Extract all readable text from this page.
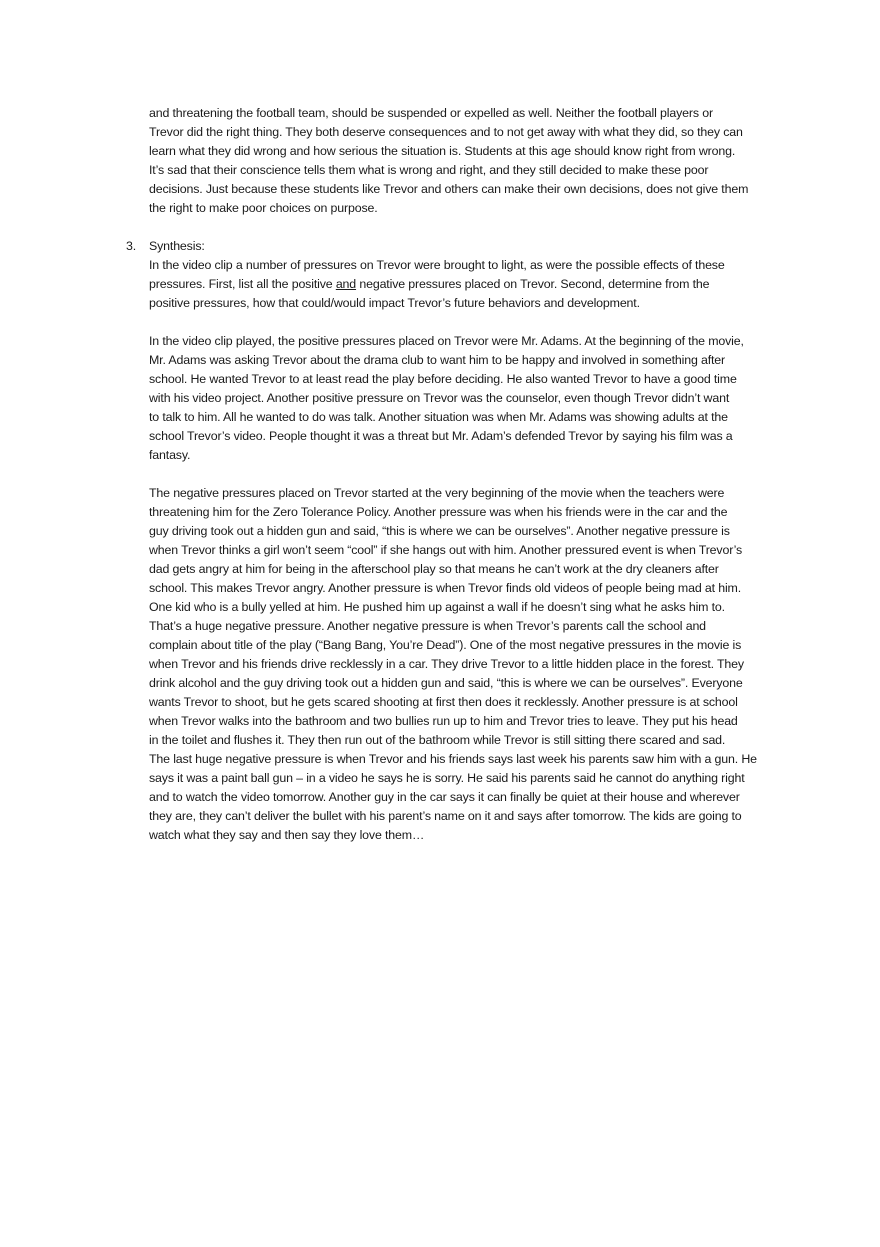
and threatening the football team, should be suspended or expelled as well. Neither the football players or
Trevor did the right thing. They both deserve consequences and to not get away with what they did, so they can
learn what they did wrong and how serious the situation is. Students at this age should know right from wrong.
It’s sad that their conscience tells them what is wrong and right, and they still decided to make these poor
decisions. Just because these students like Trevor and others can make their own decisions, does not give them
the right to make poor choices on purpose.
3. Synthesis:
In the video clip a number of pressures on Trevor were brought to light, as were the possible effects of these
pressures. First, list all the positive and negative pressures placed on Trevor. Second, determine from the
positive pressures, how that could/would impact Trevor’s future behaviors and development.
In the video clip played, the positive pressures placed on Trevor were Mr. Adams. At the beginning of the movie,
Mr. Adams was asking Trevor about the drama club to want him to be happy and involved in something after
school. He wanted Trevor to at least read the play before deciding. He also wanted Trevor to have a good time
with his video project. Another positive pressure on Trevor was the counselor, even though Trevor didn’t want
to talk to him. All he wanted to do was talk. Another situation was when Mr. Adams was showing adults at the
school Trevor’s video. People thought it was a threat but Mr. Adam’s defended Trevor by saying his film was a
fantasy.
The negative pressures placed on Trevor started at the very beginning of the movie when the teachers were
threatening him for the Zero Tolerance Policy. Another pressure was when his friends were in the car and the
guy driving took out a hidden gun and said, “this is where we can be ourselves”. Another negative pressure is
when Trevor thinks a girl won’t seem “cool” if she hangs out with him. Another pressured event is when Trevor’s
dad gets angry at him for being in the afterschool play so that means he can’t work at the dry cleaners after
school. This makes Trevor angry. Another pressure is when Trevor finds old videos of people being mad at him.
One kid who is a bully yelled at him. He pushed him up against a wall if he doesn’t sing what he asks him to.
That’s a huge negative pressure. Another negative pressure is when Trevor’s parents call the school and
complain about title of the play (“Bang Bang, You’re Dead”). One of the most negative pressures in the movie is
when Trevor and his friends drive recklessly in a car. They drive Trevor to a little hidden place in the forest. They
drink alcohol and the guy driving took out a hidden gun and said, “this is where we can be ourselves”. Everyone
wants Trevor to shoot, but he gets scared shooting at first then does it recklessly. Another pressure is at school
when Trevor walks into the bathroom and two bullies run up to him and Trevor tries to leave. They put his head
in the toilet and flushes it. They then run out of the bathroom while Trevor is still sitting there scared and sad.
The last huge negative pressure is when Trevor and his friends says last week his parents saw him with a gun. He
says it was a paint ball gun – in a video he says he is sorry. He said his parents said he cannot do anything right
and to watch the video tomorrow. Another guy in the car says it can finally be quiet at their house and wherever
they are, they can’t deliver the bullet with his parent’s name on it and says after tomorrow. The kids are going to
watch what they say and then say they love them…
